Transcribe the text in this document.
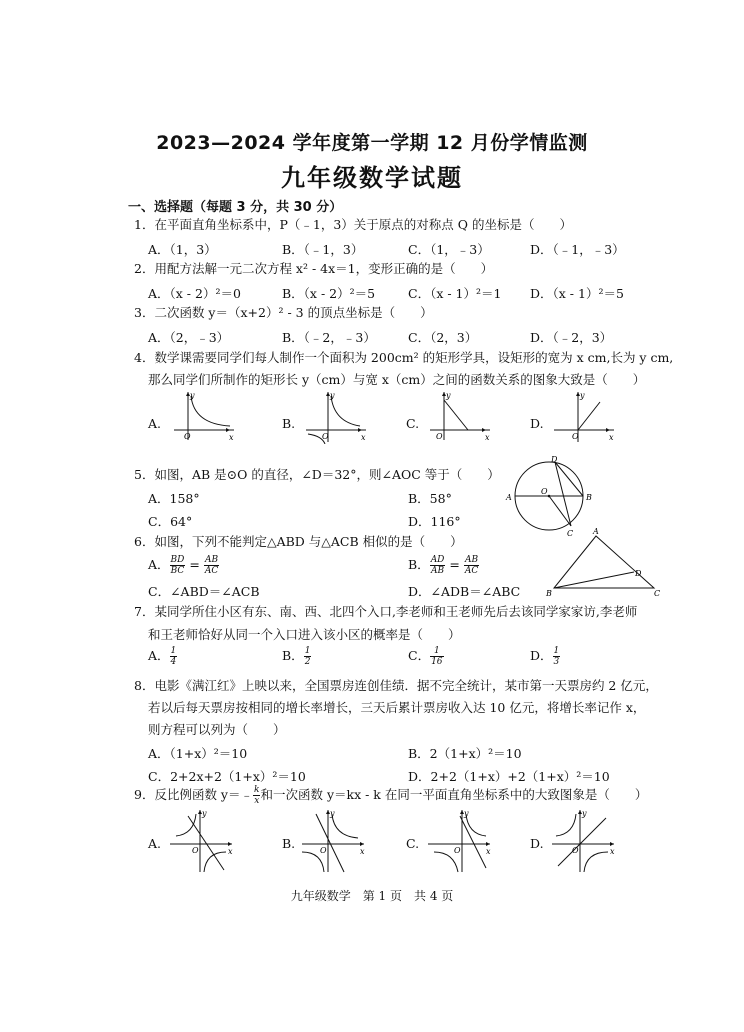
2023—2024 学年度第一学期 12 月份学情监测
九年级数学试题
一、选择题（每题 3 分，共 30 分）
1．在平面直角坐标系中，P（﹣1，3）关于原点的对称点 Q 的坐标是（　　）
A．（1，3）	B．（﹣1，3）	C．（1，﹣3）	D．（﹣1，﹣3）
2．用配方法解一元二次方程 x² - 4x＝1，变形正确的是（　　）
A．（x - 2）²＝0	B．（x - 2）²＝5	C．（x - 1）²＝1 D．（x - 1）²＝5
3．二次函数 y＝（x+2）² - 3 的顶点坐标是（　　）
A．（2，﹣3）	B．（﹣2，﹣3）	C．（2，3）	D．（﹣2，3）
4．数学课需要同学们每人制作一个面积为 200cm² 的矩形学具，设矩形的宽为 x cm,长为 y cm,
那么同学们所制作的矩形长 y（cm）与宽 x（cm）之间的函数关系的图象大致是（　　）
A.	B.	C.	D.
y
x
O
y
x
O
y
x
O
y
x
O
5．如图，AB 是⊙O 的直径，∠D＝32°，则∠AOC 等于（　　）
A．158°	B．58°
C．64°	D．116°
A	B
C
D
O
6．如图，下列不能判定△ABD 与△ACB 相似的是（　　）
A． $\frac{BD}{BC} = \frac{AB}{AC}$	B． $\frac{AD}{AB} = \frac{AB}{AC}$
C．∠ABD＝∠ACB	D．∠ADB＝∠ABC
A
B	C
D
7．某同学所住小区有东、南、西、北四个入口,李老师和王老师先后去该同学家家访,李老师
和王老师恰好从同一个入口进入该小区的概率是（　　）
A． $\frac{1}{4}$	B． $\frac{1}{2}$	C． $\frac{1}{16}$	D． $\frac{1}{3}$
8．电影《满江红》上映以来，全国票房连创佳绩．据不完全统计，某市第一天票房约 2 亿元，
若以后每天票房按相同的增长率增长，三天后累计票房收入达 10 亿元，将增长率记作 x，
则方程可以列为（　　）
A．（1+x）²＝10	B．2（1+x）²＝10
C．2+2x+2（1+x）²＝10	D．2+2（1+x）+2（1+x）²＝10
9．反比例函数 y＝﹣ $\frac{k}{x}$ 和一次函数 y＝kx - k 在同一平面直角坐标系中的大致图象是（　　）
A.	B.	C.	D.
y
x
O
y
x
O
y
x
O
y
x
O
九年级数学　第 1 页　共 4 页
